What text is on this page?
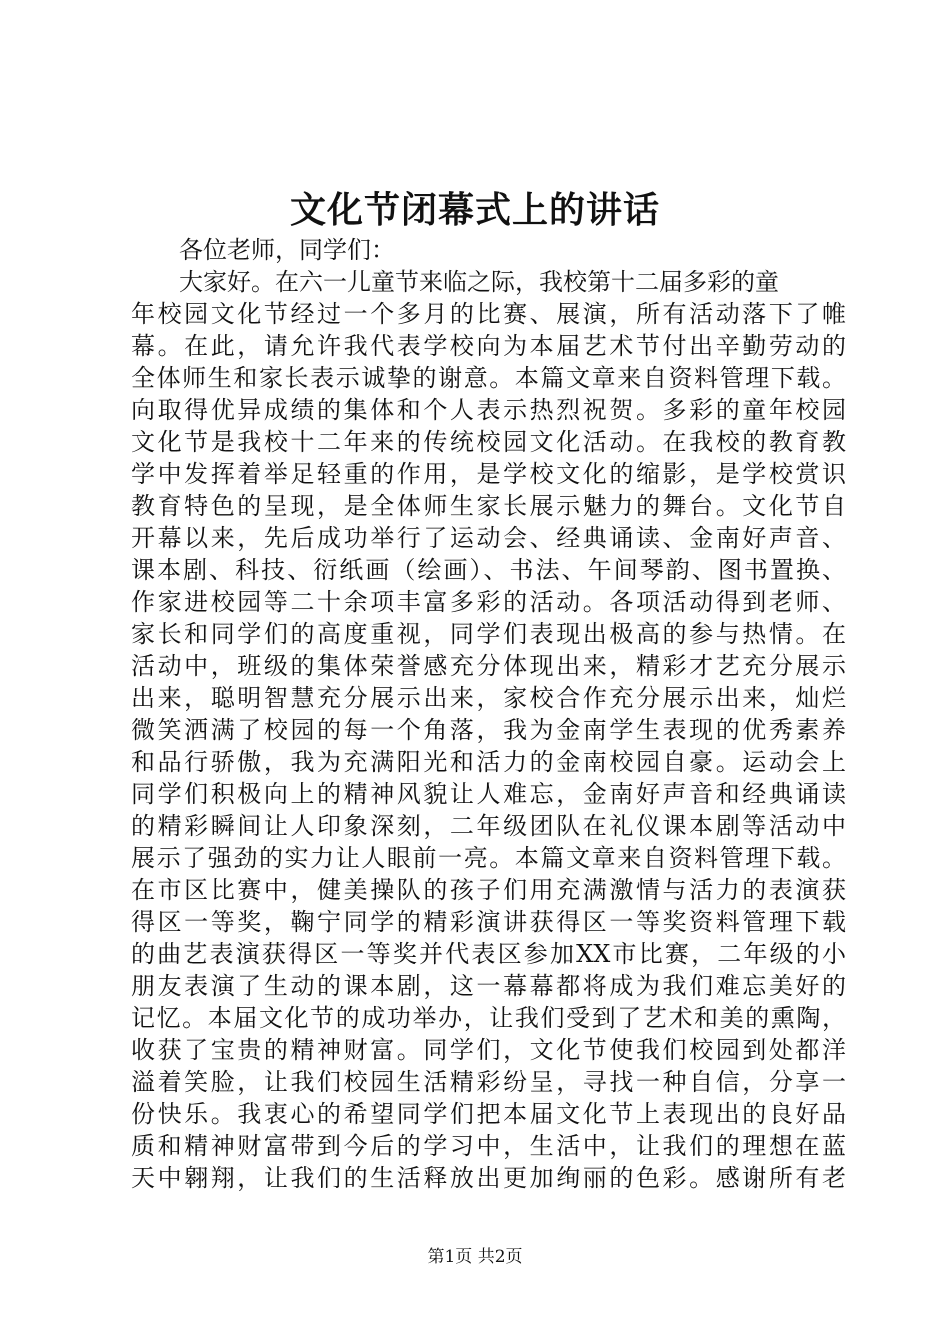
文化节闭幕式上的讲话
各位老师，同学们：
大家好。在六一儿童节来临之际，我校第十二届多彩的童
年校园文化节经过一个多月的比赛、展演，所有活动落下了帷
幕。在此，请允许我代表学校向为本届艺术节付出辛勤劳动的
全体师生和家长表示诚挚的谢意。本篇文章来自资料管理下载。
向取得优异成绩的集体和个人表示热烈祝贺。多彩的童年校园
文化节是我校十二年来的传统校园文化活动。在我校的教育教
学中发挥着举足轻重的作用，是学校文化的缩影，是学校赏识
教育特色的呈现，是全体师生家长展示魅力的舞台。文化节自
开幕以来，先后成功举行了运动会、经典诵读、金南好声音、
课本剧、科技、衍纸画（绘画）、书法、午间琴韵、图书置换、
作家进校园等二十余项丰富多彩的活动。各项活动得到老师、
家长和同学们的高度重视，同学们表现出极高的参与热情。在
活动中，班级的集体荣誉感充分体现出来，精彩才艺充分展示
出来，聪明智慧充分展示出来，家校合作充分展示出来，灿烂
微笑洒满了校园的每一个角落，我为金南学生表现的优秀素养
和品行骄傲，我为充满阳光和活力的金南校园自豪。运动会上
同学们积极向上的精神风貌让人难忘，金南好声音和经典诵读
的精彩瞬间让人印象深刻，二年级团队在礼仪课本剧等活动中
展示了强劲的实力让人眼前一亮。本篇文章来自资料管理下载。
在市区比赛中，健美操队的孩子们用充满激情与活力的表演获
得区一等奖，鞠宁同学的精彩演讲获得区一等奖资料管理下载
的曲艺表演获得区一等奖并代表区参加XX市比赛，二年级的小
朋友表演了生动的课本剧，这一幕幕都将成为我们难忘美好的
记忆。本届文化节的成功举办，让我们受到了艺术和美的熏陶，
收获了宝贵的精神财富。同学们，文化节使我们校园到处都洋
溢着笑脸，让我们校园生活精彩纷呈，寻找一种自信，分享一
份快乐。我衷心的希望同学们把本届文化节上表现出的良好品
质和精神财富带到今后的学习中，生活中，让我们的理想在蓝
天中翱翔，让我们的生活释放出更加绚丽的色彩。感谢所有老
第1页 共2页
